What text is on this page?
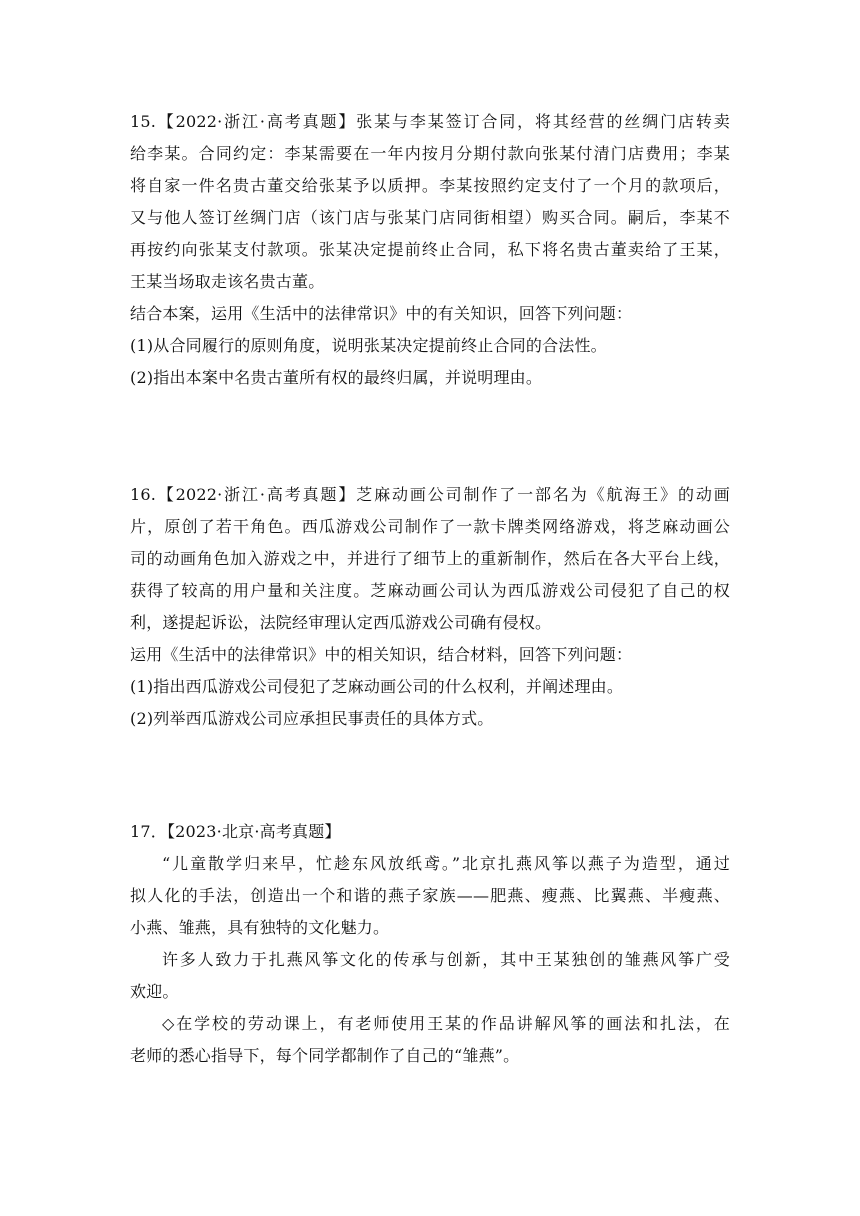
15.【2022·浙江·高考真题】张某与李某签订合同，将其经营的丝绸门店转卖
给李某。合同约定：李某需要在一年内按月分期付款向张某付清门店费用；李某
将自家一件名贵古董交给张某予以质押。李某按照约定支付了一个月的款项后，
又与他人签订丝绸门店（该门店与张某门店同街相望）购买合同。嗣后，李某不
再按约向张某支付款项。张某决定提前终止合同，私下将名贵古董卖给了王某，
王某当场取走该名贵古董。
结合本案，运用《生活中的法律常识》中的有关知识，回答下列问题：
(1)从合同履行的原则角度，说明张某决定提前终止合同的合法性。
(2)指出本案中名贵古董所有权的最终归属，并说明理由。
16.【2022·浙江·高考真题】芝麻动画公司制作了一部名为《航海王》的动画
片，原创了若干角色。西瓜游戏公司制作了一款卡牌类网络游戏，将芝麻动画公
司的动画角色加入游戏之中，并进行了细节上的重新制作，然后在各大平台上线，
获得了较高的用户量和关注度。芝麻动画公司认为西瓜游戏公司侵犯了自己的权
利，遂提起诉讼，法院经审理认定西瓜游戏公司确有侵权。
运用《生活中的法律常识》中的相关知识，结合材料，回答下列问题：
(1)指出西瓜游戏公司侵犯了芝麻动画公司的什么权利，并阐述理由。
(2)列举西瓜游戏公司应承担民事责任的具体方式。
17．【2023·北京·高考真题】
“儿童散学归来早，忙趁东风放纸鸢。”北京扎燕风筝以燕子为造型，通过
拟人化的手法，创造出一个和谐的燕子家族——肥燕、瘦燕、比翼燕、半瘦燕、
小燕、雏燕，具有独特的文化魅力。
许多人致力于扎燕风筝文化的传承与创新，其中王某独创的雏燕风筝广受
欢迎。
◇在学校的劳动课上，有老师使用王某的作品讲解风筝的画法和扎法，在
老师的悉心指导下，每个同学都制作了自己的“雏燕”。
